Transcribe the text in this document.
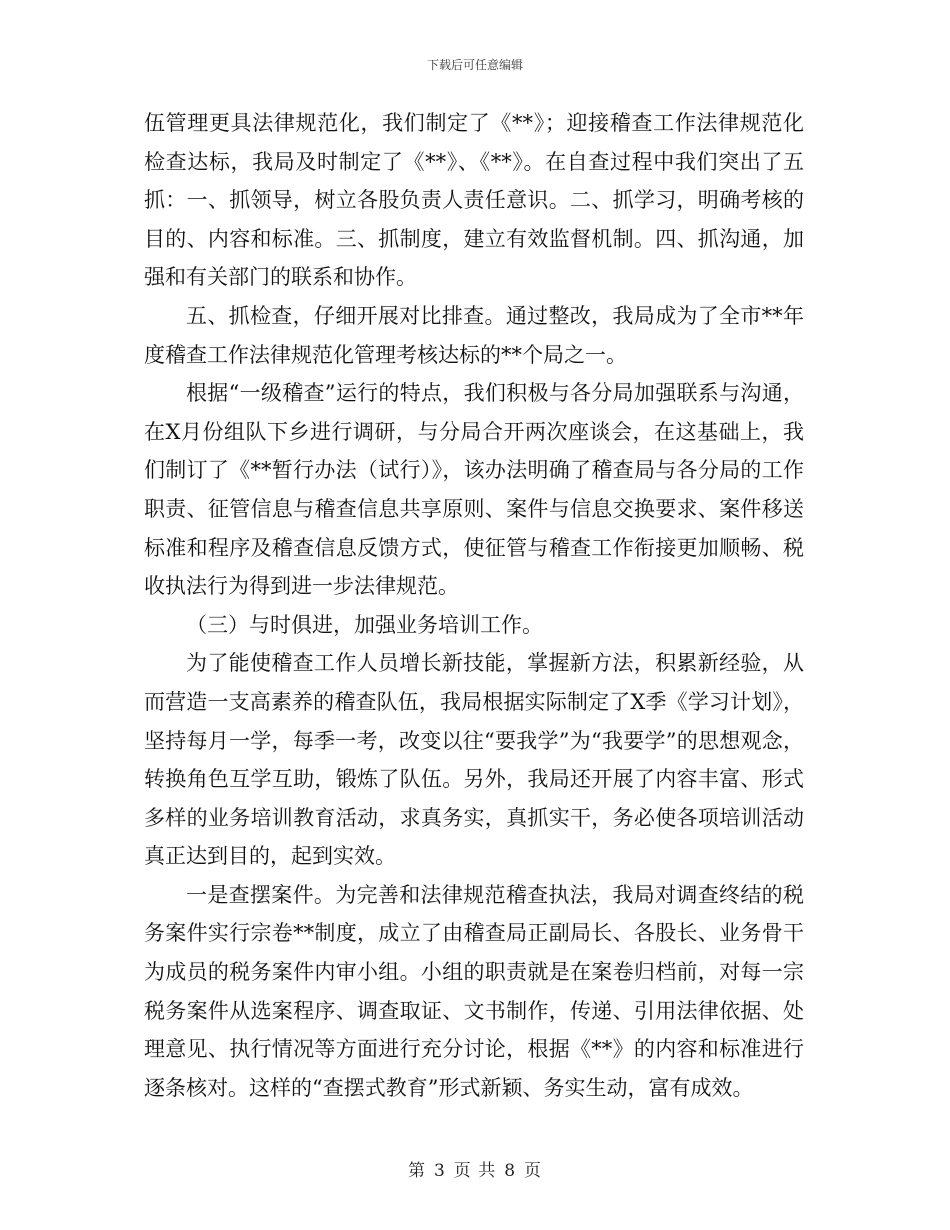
下载后可任意编辑

伍管理更具法律规范化，我们制定了《**》；迎接稽查工作法律规范化检查达标，我局及时制定了《**》、《**》。在自查过程中我们突出了五抓：一、抓领导，树立各股负责人责任意识。二、抓学习，明确考核的目的、内容和标准。三、抓制度，建立有效监督机制。四、抓沟通，加强和有关部门的联系和协作。

五、抓检查，仔细开展对比排查。通过整改，我局成为了全市**年度稽查工作法律规范化管理考核达标的**个局之一。

根据“一级稽查”运行的特点，我们积极与各分局加强联系与沟通，在X月份组队下乡进行调研，与分局合开两次座谈会，在这基础上，我们制订了《**暂行办法（试行）》，该办法明确了稽查局与各分局的工作职责、征管信息与稽查信息共享原则、案件与信息交换要求、案件移送标准和程序及稽查信息反馈方式，使征管与稽查工作衔接更加顺畅、税收执法行为得到进一步法律规范。

（三）与时俱进，加强业务培训工作。

为了能使稽查工作人员增长新技能，掌握新方法，积累新经验，从而营造一支高素养的稽查队伍，我局根据实际制定了X季《学习计划》，坚持每月一学，每季一考，改变以往“要我学”为“我要学”的思想观念，转换角色互学互助，锻炼了队伍。另外，我局还开展了内容丰富、形式多样的业务培训教育活动，求真务实，真抓实干，务必使各项培训活动真正达到目的，起到实效。

一是查摆案件。为完善和法律规范稽查执法，我局对调查终结的税务案件实行宗卷**制度，成立了由稽查局正副局长、各股长、业务骨干为成员的税务案件内审小组。小组的职责就是在案卷归档前，对每一宗税务案件从选案程序、调查取证、文书制作，传递、引用法律依据、处理意见、执行情况等方面进行充分讨论，根据《**》的内容和标准进行逐条核对。这样的“查摆式教育”形式新颖、务实生动，富有成效。

第 3 页 共 8 页
